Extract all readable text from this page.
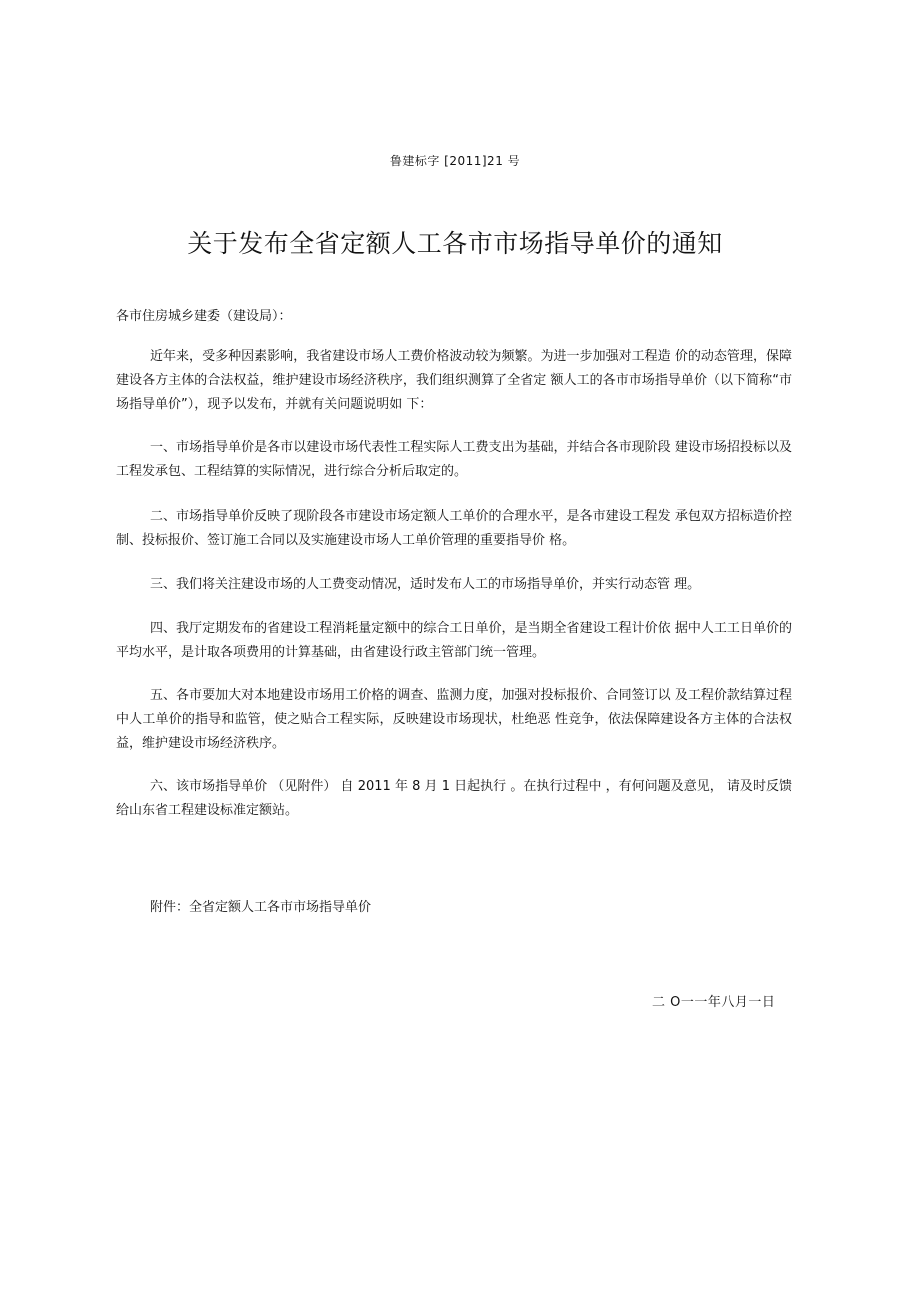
鲁建标字 [2011]21 号
关于发布全省定额人工各市市场指导单价的通知
各市住房城乡建委（建设局）：

近年来，受多种因素影响，我省建设市场人工费价格波动较为频繁。为进一步加强对工程造 价的动态管理，保障建设各方主体的合法权益，维护建设市场经济秩序，我们组织测算了全省定 额人工的各市市场指导单价（以下简称“市场指导单价”），现予以发布，并就有关问题说明如 下：

一、市场指导单价是各市以建设市场代表性工程实际人工费支出为基础，并结合各市现阶段 建设市场招投标以及工程发承包、工程结算的实际情况，进行综合分析后取定的。

二、市场指导单价反映了现阶段各市建设市场定额人工单价的合理水平，是各市建设工程发 承包双方招标造价控制、投标报价、签订施工合同以及实施建设市场人工单价管理的重要指导价 格。

三、我们将关注建设市场的人工费变动情况，适时发布人工的市场指导单价，并实行动态管 理。

四、我厅定期发布的省建设工程消耗量定额中的综合工日单价，是当期全省建设工程计价依 据中人工工日单价的平均水平，是计取各项费用的计算基础，由省建设行政主管部门统一管理。

五、各市要加大对本地建设市场用工价格的调查、监测力度，加强对投标报价、合同签订以 及工程价款结算过程中人工单价的指导和监管，使之贴合工程实际，反映建设市场现状，杜绝恶 性竞争，依法保障建设各方主体的合法权益，维护建设市场经济秩序。

六、该市场指导单价 （见附件） 自 2011 年 8 月 1 日起执行 。在执行过程中 ，有何问题及意见， 请及时反馈给山东省工程建设标准定额站。

附件：全省定额人工各市市场指导单价
二 O一一年八月一日
